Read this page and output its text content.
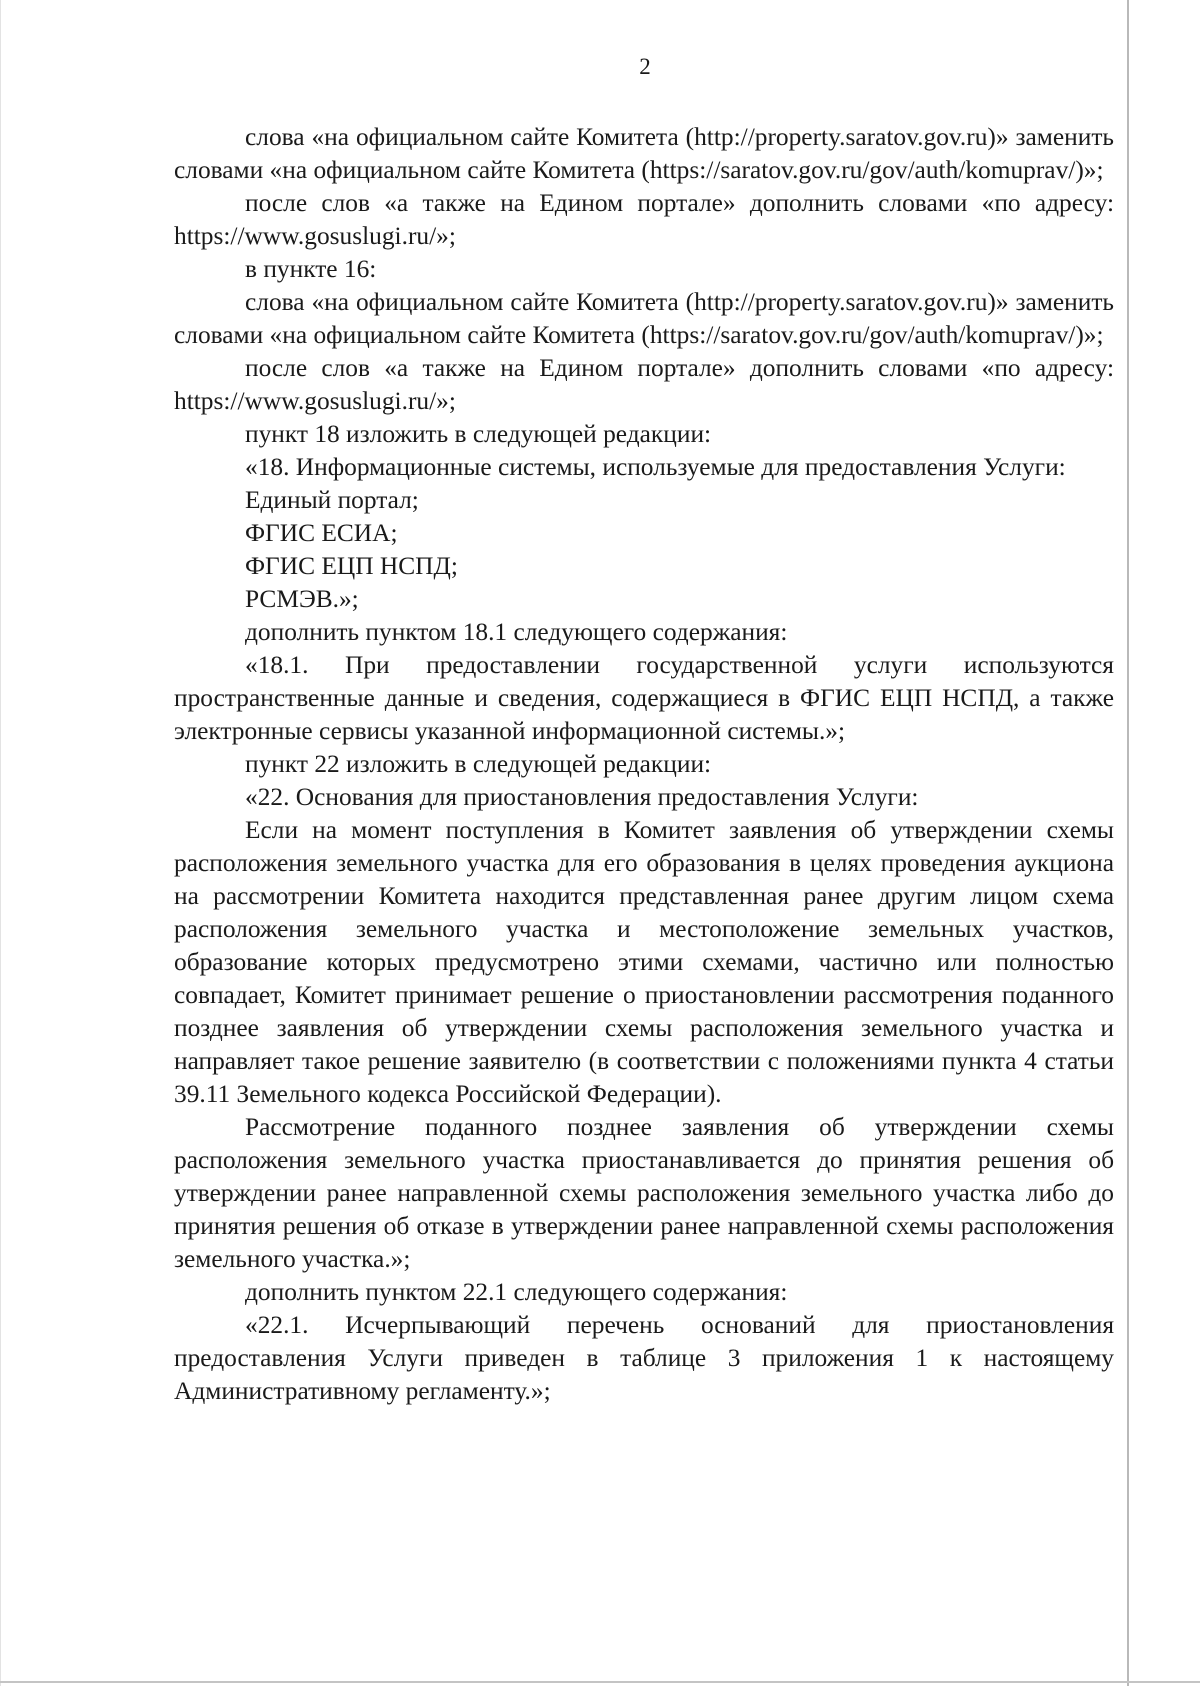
2

слова «на официальном сайте Комитета (http://property.saratov.gov.ru)» заменить словами «на официальном сайте Комитета (https://saratov.gov.ru/gov/auth/komuprav/)»;

после слов «а также на Едином портале» дополнить словами «по адресу: https://www.gosuslugi.ru/»;

в пункте 16:

слова «на официальном сайте Комитета (http://property.saratov.gov.ru)» заменить словами «на официальном сайте Комитета (https://saratov.gov.ru/gov/auth/komuprav/)»;

после слов «а также на Едином портале» дополнить словами «по адресу: https://www.gosuslugi.ru/»;

пункт 18 изложить в следующей редакции:

«18. Информационные системы, используемые для предоставления Услуги:

Единый портал;

ФГИС ЕСИА;

ФГИС ЕЦП НСПД;

РСМЭВ.»;

дополнить пунктом 18.1 следующего содержания:

«18.1. При предоставлении государственной услуги используются пространственные данные и сведения, содержащиеся в ФГИС ЕЦП НСПД, а также электронные сервисы указанной информационной системы.»;

пункт 22 изложить в следующей редакции:

«22. Основания для приостановления предоставления Услуги:

Если на момент поступления в Комитет заявления об утверждении схемы расположения земельного участка для его образования в целях проведения аукциона на рассмотрении Комитета находится представленная ранее другим лицом схема расположения земельного участка и местоположение земельных участков, образование которых предусмотрено этими схемами, частично или полностью совпадает, Комитет принимает решение о приостановлении рассмотрения поданного позднее заявления об утверждении схемы расположения земельного участка и направляет такое решение заявителю (в соответствии с положениями пункта 4 статьи 39.11 Земельного кодекса Российской Федерации).

Рассмотрение поданного позднее заявления об утверждении схемы расположения земельного участка приостанавливается до принятия решения об утверждении ранее направленной схемы расположения земельного участка либо до принятия решения об отказе в утверждении ранее направленной схемы расположения земельного участка.»;

дополнить пунктом 22.1 следующего содержания:

«22.1. Исчерпывающий перечень оснований для приостановления предоставления Услуги приведен в таблице 3 приложения 1 к настоящему Административному регламенту.»;
